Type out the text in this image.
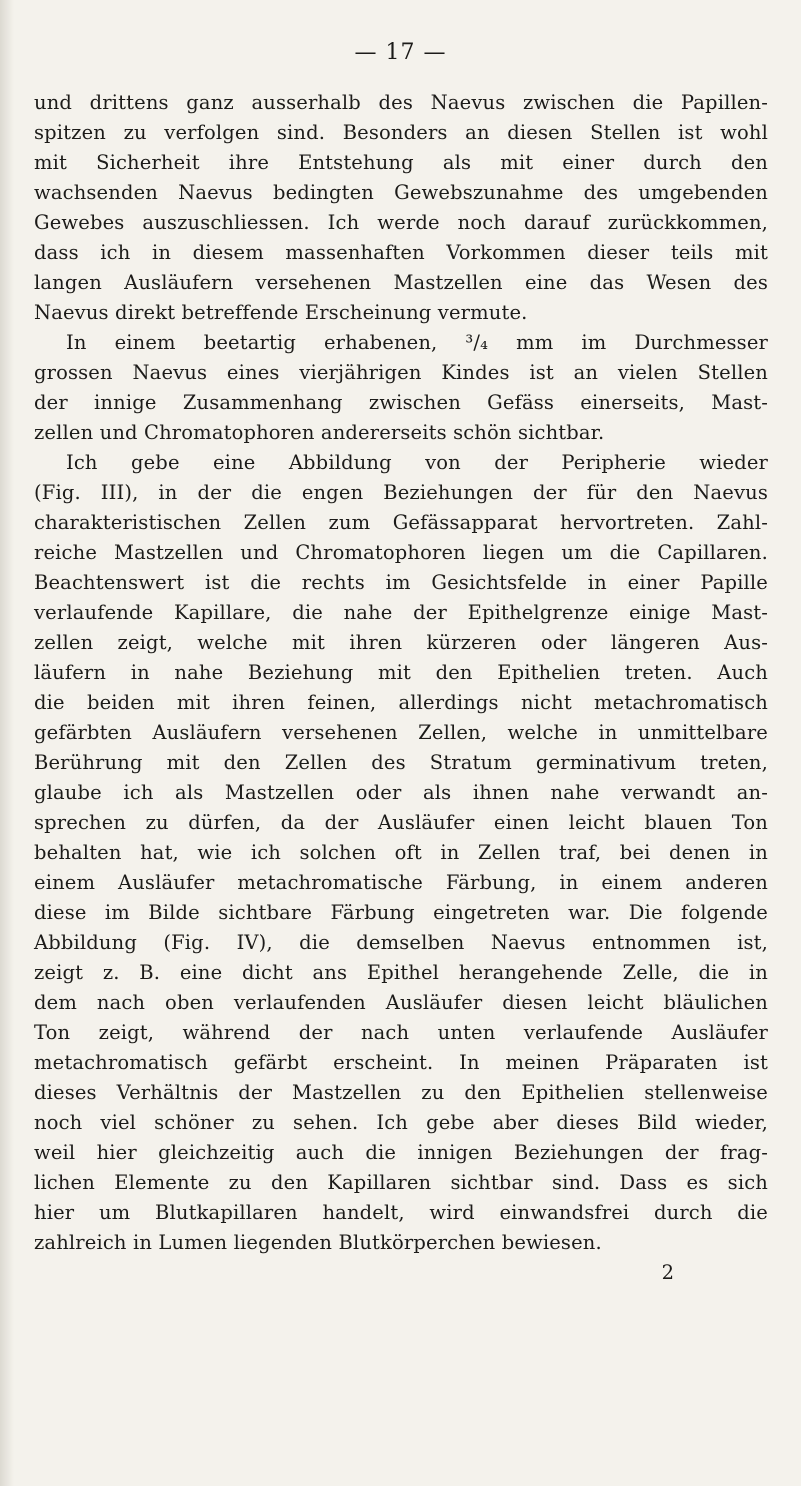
— 17 —
und drittens ganz ausserhalb des Naevus zwischen die Papillen-
spitzen zu verfolgen sind. Besonders an diesen Stellen ist wohl
mit Sicherheit ihre Entstehung als mit einer durch den
wachsenden Naevus bedingten Gewebszunahme des umgebenden
Gewebes auszuschliessen. Ich werde noch darauf zurückkommen,
dass ich in diesem massenhaften Vorkommen dieser teils mit
langen Ausläufern versehenen Mastzellen eine das Wesen des
Naevus direkt betreffende Erscheinung vermute.
In einem beetartig erhabenen, ³/₄ mm im Durchmesser
grossen Naevus eines vierjährigen Kindes ist an vielen Stellen
der innige Zusammenhang zwischen Gefäss einerseits, Mast-
zellen und Chromatophoren andererseits schön sichtbar.
Ich gebe eine Abbildung von der Peripherie wieder
(Fig. III), in der die engen Beziehungen der für den Naevus
charakteristischen Zellen zum Gefässapparat hervortreten. Zahl-
reiche Mastzellen und Chromatophoren liegen um die Capillaren.
Beachtenswert ist die rechts im Gesichtsfelde in einer Papille
verlaufende Kapillare, die nahe der Epithelgrenze einige Mast-
zellen zeigt, welche mit ihren kürzeren oder längeren Aus-
läufern in nahe Beziehung mit den Epithelien treten. Auch
die beiden mit ihren feinen, allerdings nicht metachromatisch
gefärbten Ausläufern versehenen Zellen, welche in unmittelbare
Berührung mit den Zellen des Stratum germinativum treten,
glaube ich als Mastzellen oder als ihnen nahe verwandt an-
sprechen zu dürfen, da der Ausläufer einen leicht blauen Ton
behalten hat, wie ich solchen oft in Zellen traf, bei denen in
einem Ausläufer metachromatische Färbung, in einem anderen
diese im Bilde sichtbare Färbung eingetreten war. Die folgende
Abbildung (Fig. IV), die demselben Naevus entnommen ist,
zeigt z. B. eine dicht ans Epithel herangehende Zelle, die in
dem nach oben verlaufenden Ausläufer diesen leicht bläulichen
Ton zeigt, während der nach unten verlaufende Ausläufer
metachromatisch gefärbt erscheint. In meinen Präparaten ist
dieses Verhältnis der Mastzellen zu den Epithelien stellenweise
noch viel schöner zu sehen. Ich gebe aber dieses Bild wieder,
weil hier gleichzeitig auch die innigen Beziehungen der frag-
lichen Elemente zu den Kapillaren sichtbar sind. Dass es sich
hier um Blutkapillaren handelt, wird einwandsfrei durch die
zahlreich in Lumen liegenden Blutkörperchen bewiesen.
2
